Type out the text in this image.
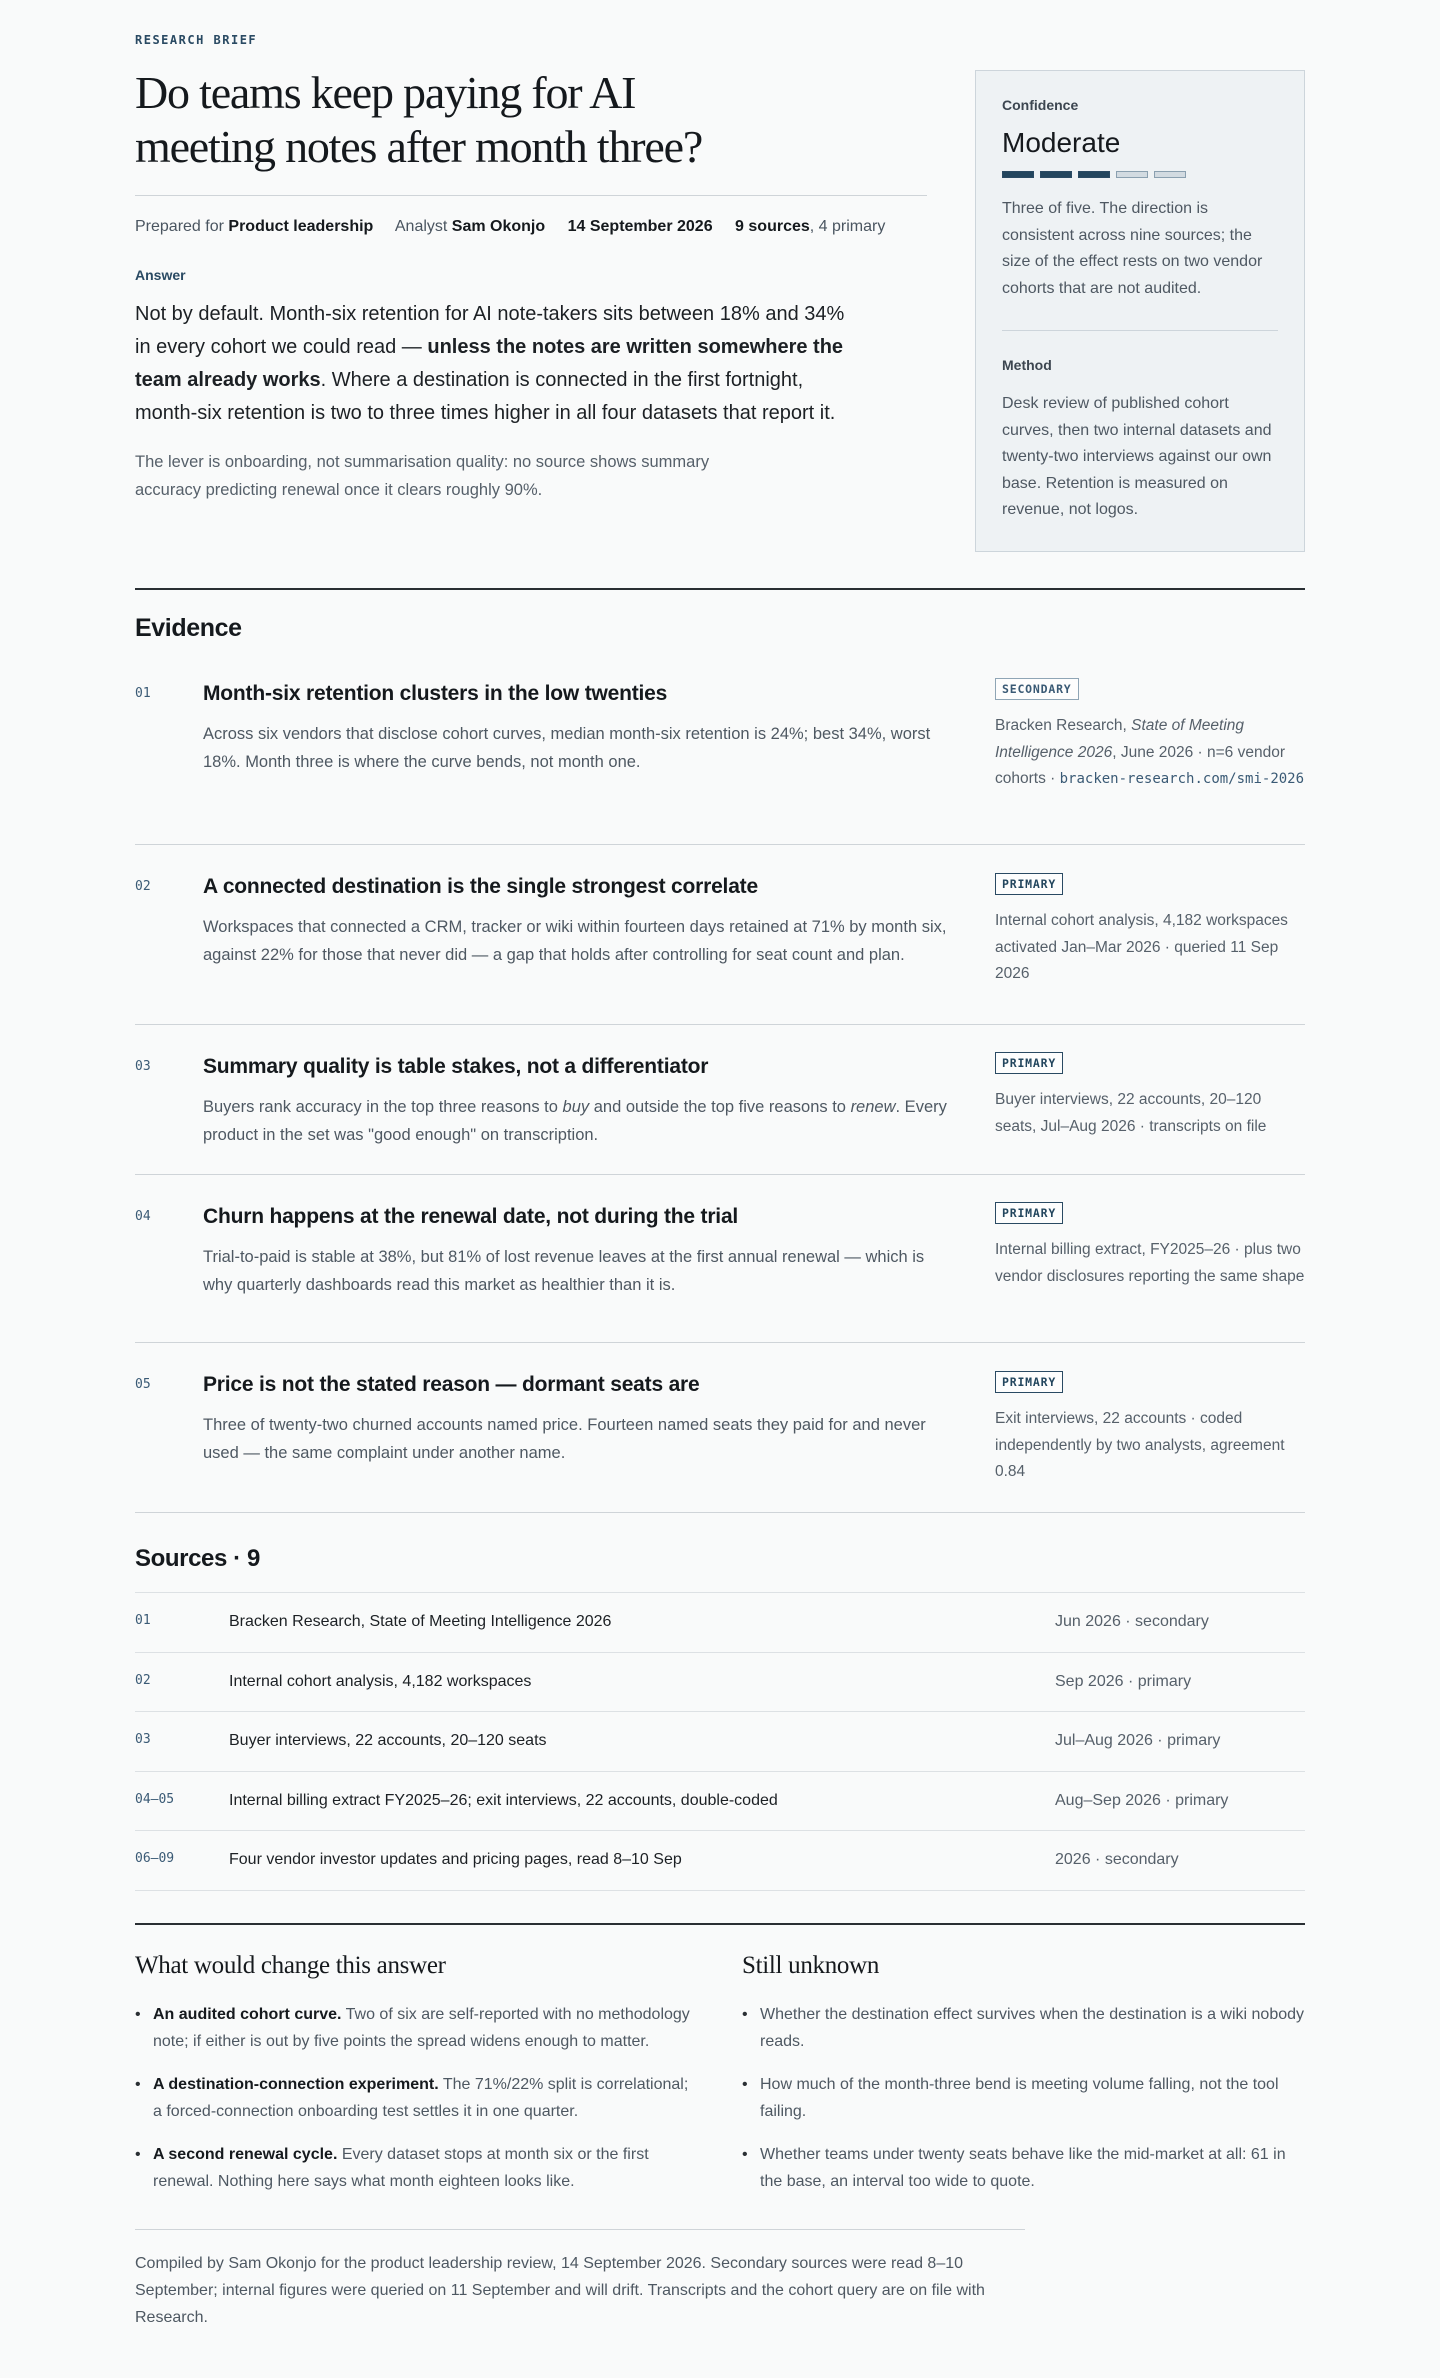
RESEARCH BRIEF
Do teams keep paying for AI
meeting notes after month three?
Prepared for Product leadership Analyst Sam Okonjo 14 September 2026 9 sources, 4 primary
Answer

Not by default. Month-six retention for AI note-takers sits between 18% and 34% in every cohort we could read — unless the notes are written somewhere the team already works. Where a destination is connected in the first fortnight, month-six retention is two to three times higher in all four datasets that report it.

The lever is onboarding, not summarisation quality: no source shows summary accuracy predicting renewal once it clears roughly 90%.

Confidence
Moderate

Three of five. The direction is consistent across nine sources; the size of the effect rests on two vendor cohorts that are not audited.

Method

Desk review of published cohort curves, then two internal datasets and twenty-two interviews against our own base. Retention is measured on revenue, not logos.

Evidence
01 Month-six retention clusters in the low twenties

Across six vendors that disclose cohort curves, median month-six retention is 24%; best 34%, worst 18%. Month three is where the curve bends, not month one.

SECONDARY

Bracken Research, State of Meeting Intelligence 2026, June 2026 · n=6 vendor cohorts · bracken-research.com/smi-2026

02 A connected destination is the single strongest correlate

Workspaces that connected a CRM, tracker or wiki within fourteen days retained at 71% by month six, against 22% for those that never did — a gap that holds after controlling for seat count and plan.

PRIMARY

Internal cohort analysis, 4,182 workspaces activated Jan–Mar 2026 · queried 11 Sep 2026

03 Summary quality is table stakes, not a differentiator

Buyers rank accuracy in the top three reasons to buy and outside the top five reasons to renew. Every product in the set was "good enough" on transcription.

PRIMARY

Buyer interviews, 22 accounts, 20–120 seats, Jul–Aug 2026 · transcripts on file

04 Churn happens at the renewal date, not during the trial

Trial-to-paid is stable at 38%, but 81% of lost revenue leaves at the first annual renewal — which is why quarterly dashboards read this market as healthier than it is.

PRIMARY

Internal billing extract, FY2025–26 · plus two vendor disclosures reporting the same shape

05 Price is not the stated reason — dormant seats are

Three of twenty-two churned accounts named price. Fourteen named seats they paid for and never used — the same complaint under another name.

PRIMARY

Exit interviews, 22 accounts · coded independently by two analysts, agreement 0.84

Sources · 9
01	Bracken Research, State of Meeting Intelligence 2026	Jun 2026 · secondary
02	Internal cohort analysis, 4,182 workspaces	Sep 2026 · primary
03	Buyer interviews, 22 accounts, 20–120 seats	Jul–Aug 2026 · primary
04–05	Internal billing extract FY2025–26; exit interviews, 22 accounts, double-coded	Aug–Sep 2026 · primary
06–09	Four vendor investor updates and pricing pages, read 8–10 Sep	2026 · secondary
What would change this answer
• An audited cohort curve. Two of six are self-reported with no methodology note; if either is out by five points the spread widens enough to matter.
• A destination-connection experiment. The 71%/22% split is correlational; a forced-connection onboarding test settles it in one quarter.
• A second renewal cycle. Every dataset stops at month six or the first renewal. Nothing here says what month eighteen looks like.
Still unknown
• Whether the destination effect survives when the destination is a wiki nobody reads.
• How much of the month-three bend is meeting volume falling, not the tool failing.
• Whether teams under twenty seats behave like the mid-market at all: 61 in the base, an interval too wide to quote.

Compiled by Sam Okonjo for the product leadership review, 14 September 2026. Secondary sources were read 8–10 September; internal figures were queried on 11 September and will drift. Transcripts and the cohort query are on file with Research.
